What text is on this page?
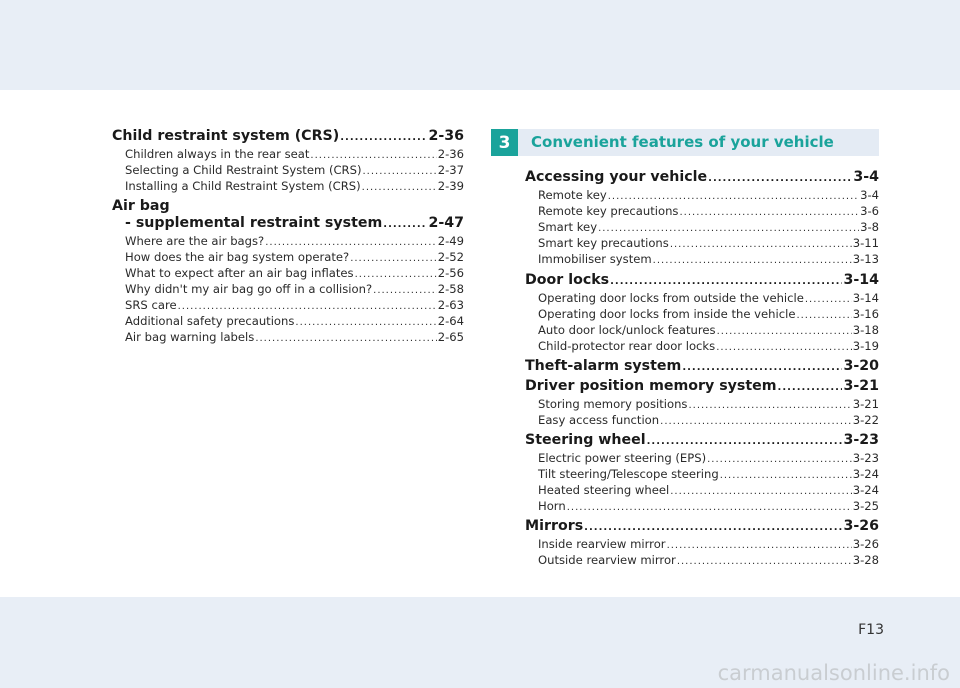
Child restraint system (CRS) .....	2-36
Children always in the rear seat .....	2-36
Selecting a Child Restraint System (CRS) .....	2-37
Installing a Child Restraint System (CRS) .....	2-39
Air bag
- supplemental restraint system .....	2-47
Where are the air bags? .....	2-49
How does the air bag system operate? .....	2-52
What to expect after an air bag inflates .....	2-56
Why didn't my air bag go off in a collision? .....	2-58
SRS care .....	2-63
Additional safety precautions .....	2-64
Air bag warning labels .....	2-65
3	Convenient features of your vehicle
Accessing your vehicle .....	3-4
Remote key .....	3-4
Remote key precautions .....	3-6
Smart key .....	3-8
Smart key precautions .....	3-11
Immobiliser system .....	3-13
Door locks .....	3-14
Operating door locks from outside the vehicle .....	3-14
Operating door locks from inside the vehicle .....	3-16
Auto door lock/unlock features .....	3-18
Child-protector rear door locks .....	3-19
Theft-alarm system .....	3-20
Driver position memory system .....	3-21
Storing memory positions .....	3-21
Easy access function .....	3-22
Steering wheel .....	3-23
Electric power steering (EPS) .....	3-23
Tilt steering/Telescope steering .....	3-24
Heated steering wheel .....	3-24
Horn .....	3-25
Mirrors .....	3-26
Inside rearview mirror .....	3-26
Outside rearview mirror .....	3-28
F13
carmanualsonline.info
